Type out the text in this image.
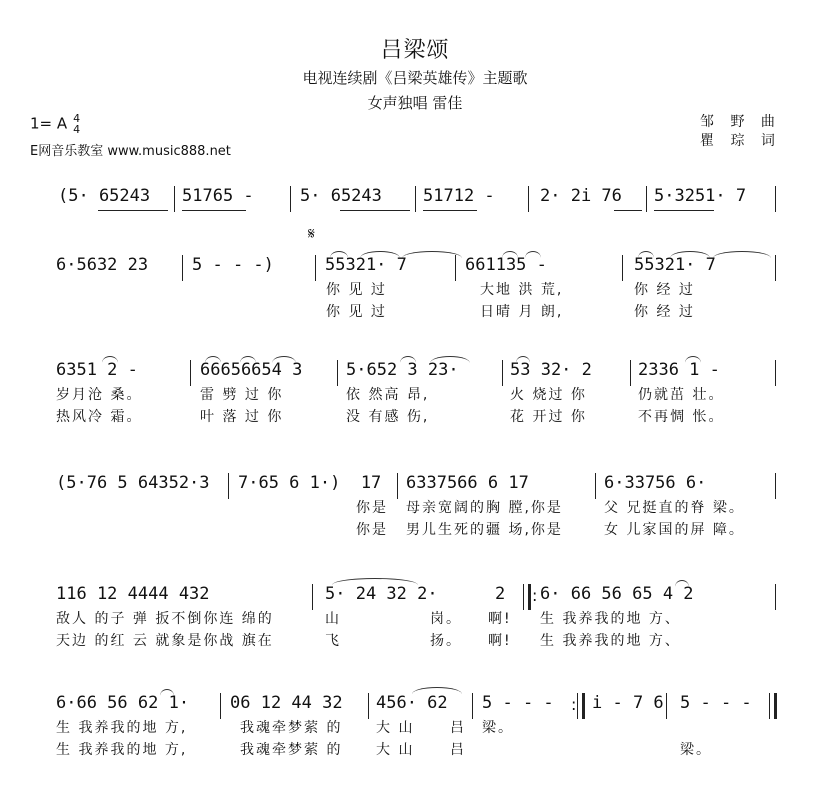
吕梁颂
电视连续剧《吕梁英雄传》主题歌
女声独唱 雷佳
1= A 4
4
E网音乐教室 www.music888.net
邹 野 曲
瞿 琮 词
(5· 65243 51765 -	5· 65243 51712 -	2· 2i 76 5·3251· 7
𝄋
6·5632 23	5 - - -)	55321· 7	661135 -	55321· 7
你 见 过	大地 洪 荒,	你 经 过
你 见 过	日晴 月 朗,	你 经 过
6351 2 -	66656654 3	5·652 3 23·	53 32· 2	2336 1 -
岁月沧 桑。	雷 劈 过 你	依 然高 昂,	火 烧过 你	仍就茁 壮。
热风冷 霜。	叶 落 过 你	没 有感 伤,	花 开过 你	不再惆 怅。
(5·76 5 64352·3 7·65 6 1·)  17 6337566 6 17	6·33756 6·
你是 母亲宽阔的胸 膛,你是	父 兄挺直的脊 梁。
你是 男儿生死的疆 场,你是	女 儿家国的屏 障。
116 12 4444 432	5· 24 32 2·	2 : 6· 66 56 65 4 2
敌人 的子 弹 扳不倒你连 绵的	山	岗。 啊! 生 我养我的地 方、
天边 的红 云 就象是你战 旗在	飞	扬。 啊! 生 我养我的地 方、
6·66 56 62 1· 06 12 44 32 456· 62 5 - - - : i - 7 6 5 - - -
生 我养我的地 方,	我魂牵梦萦 的 大 山	吕 梁。
生 我养我的地 方,	我魂牵梦萦 的 大 山	吕	梁。
